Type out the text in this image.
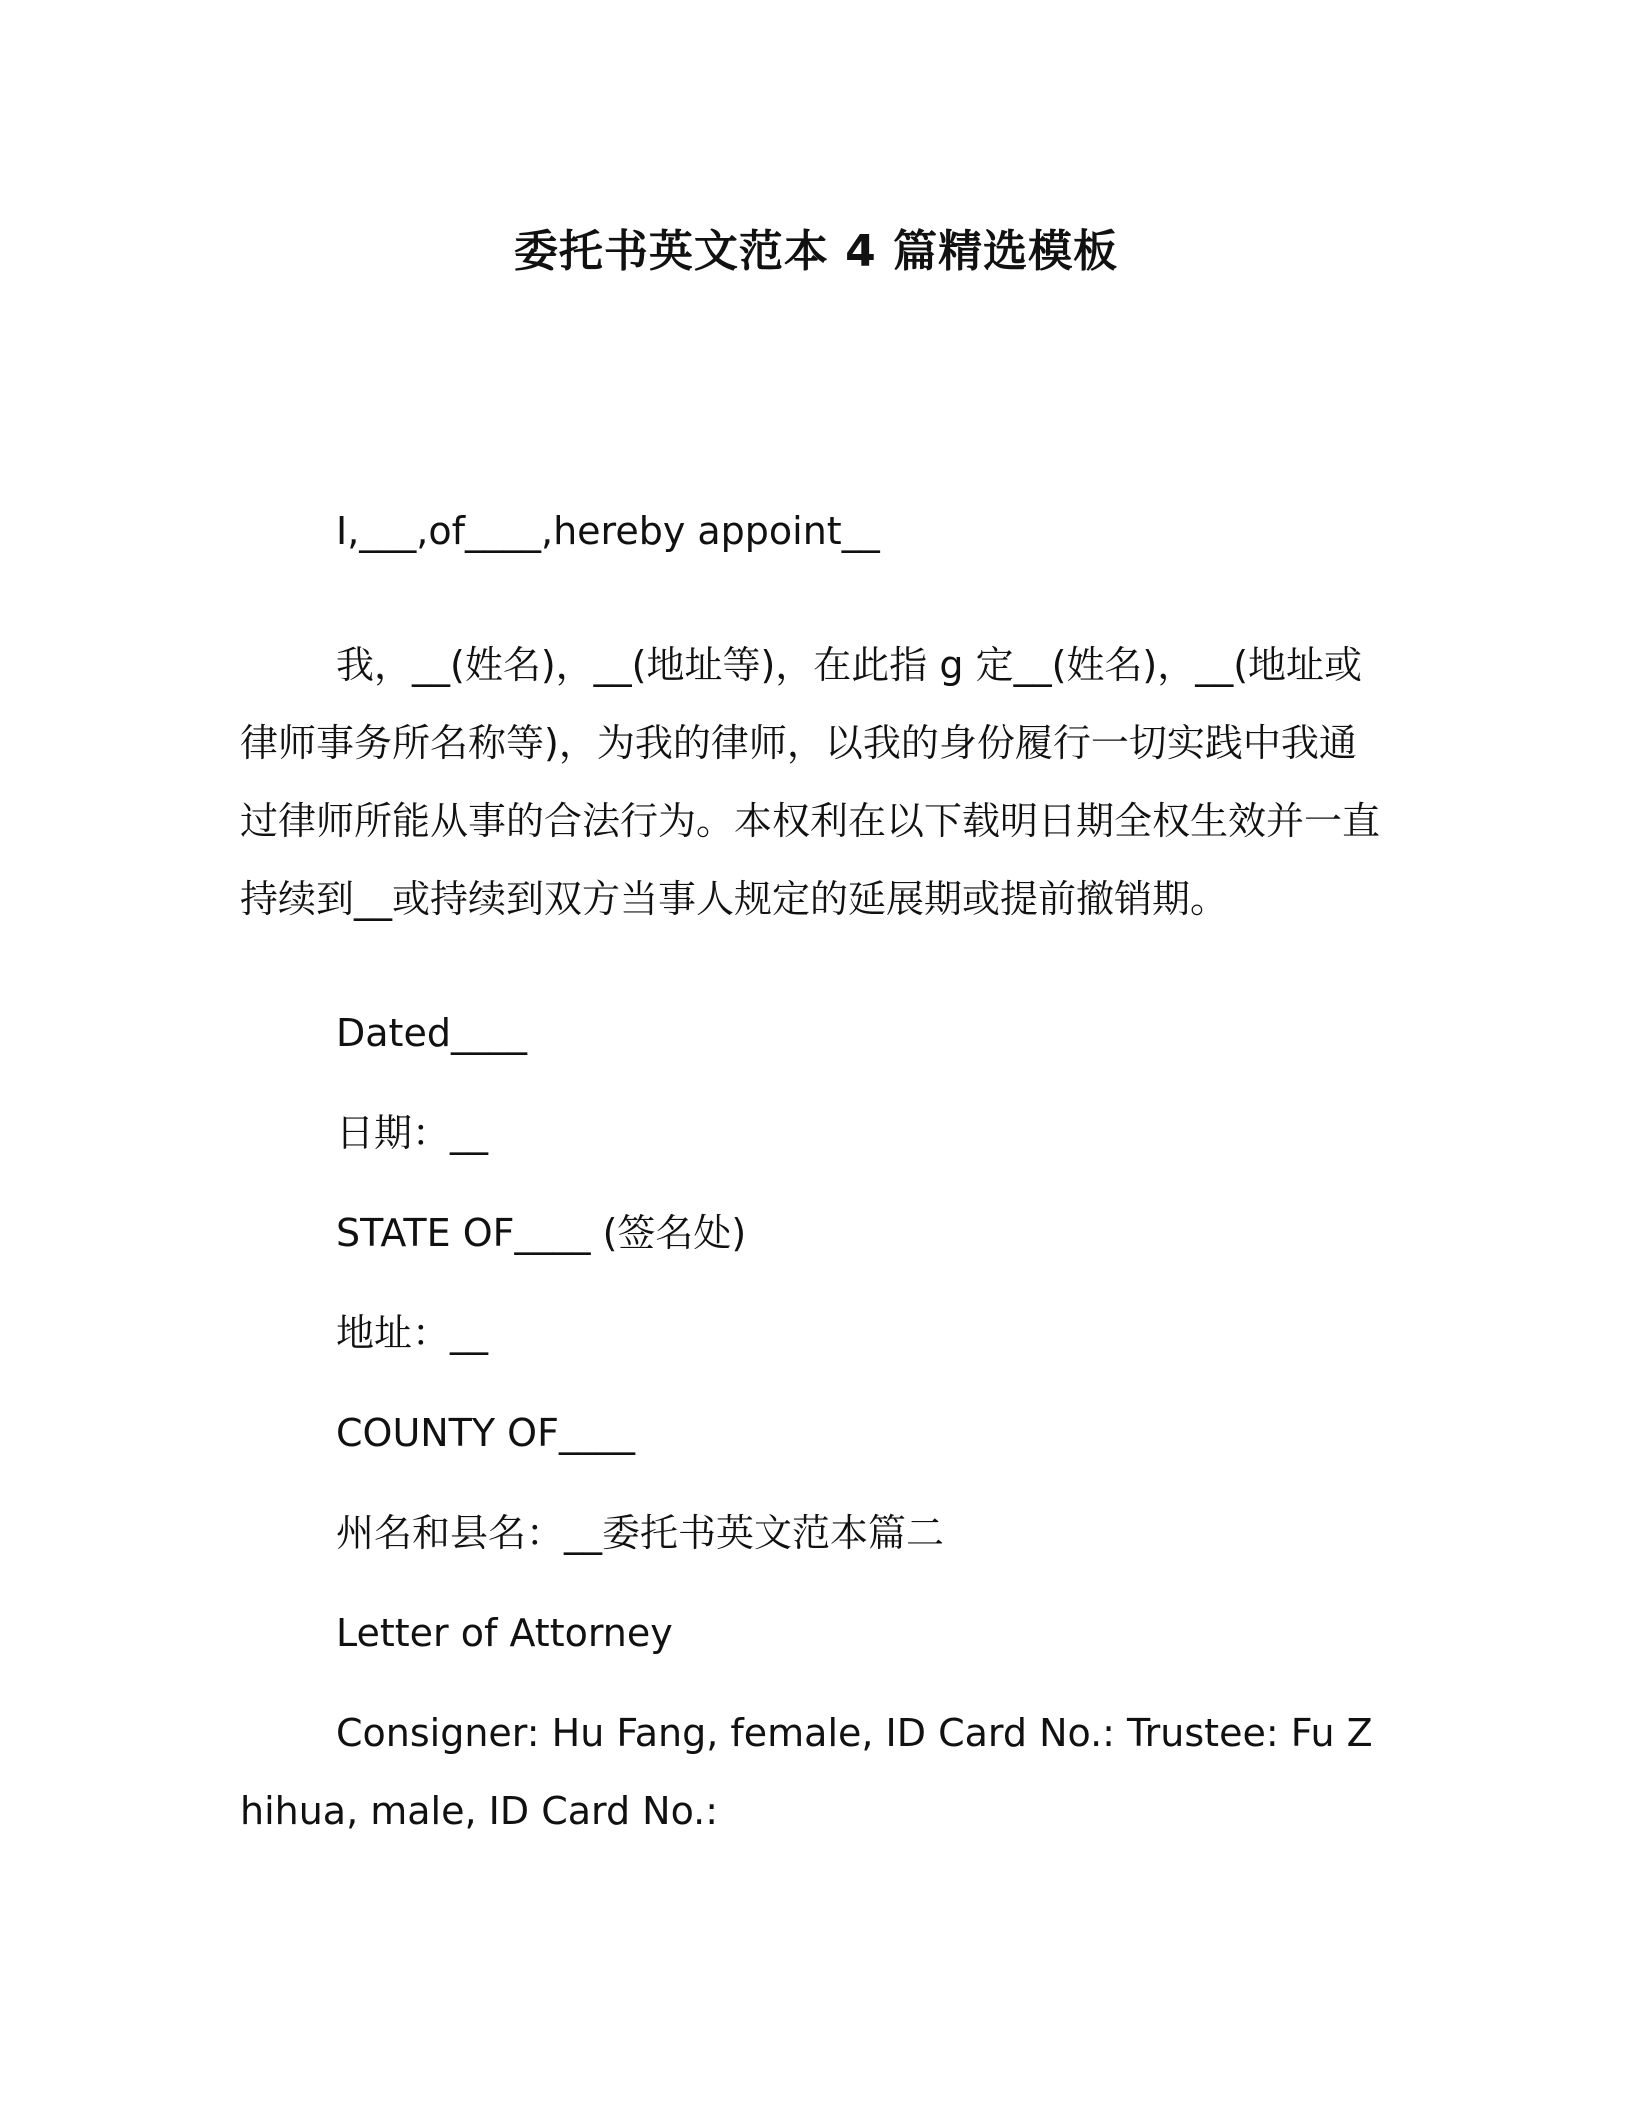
委托书英文范本 4 篇精选模板

I,___,of____,hereby appoint__

我，__(姓名)，__(地址等)，在此指 g 定__(姓名)，__(地址或律师事务所名称等)，为我的律师，以我的身份履行一切实践中我通过律师所能从事的合法行为。本权利在以下载明日期全权生效并一直持续到__或持续到双方当事人规定的延展期或提前撤销期。

Dated____

日期：__

STATE OF____ (签名处)

地址：__

COUNTY OF____

州名和县名：__委托书英文范本篇二

Letter of Attorney

Consigner: Hu Fang, female, ID Card No.: Trustee: Fu Zhihua, male, ID Card No.:
